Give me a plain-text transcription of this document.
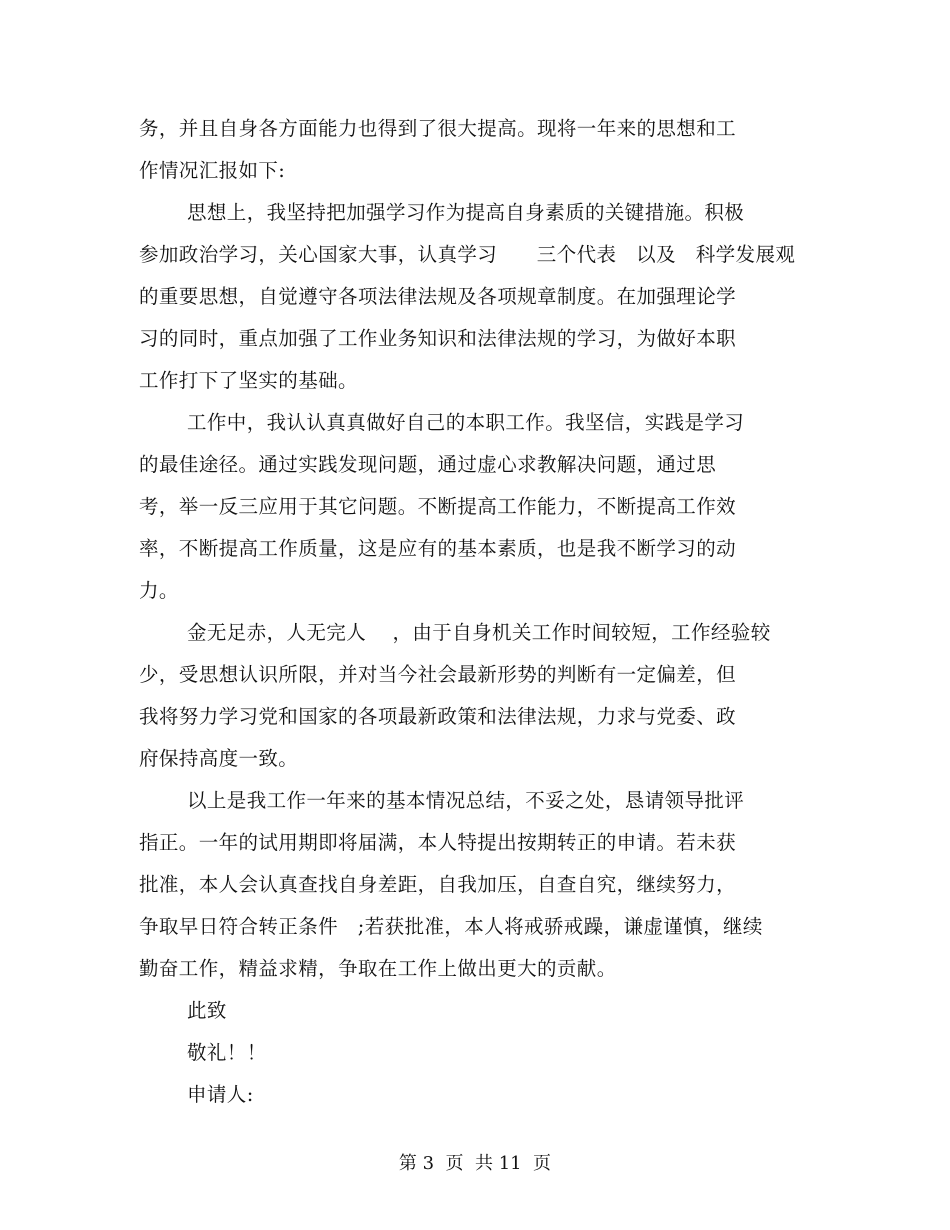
务，并且自身各方面能力也得到了很大提高。现将一年来的思想和工
作情况汇报如下:
思想上，我坚持把加强学习作为提高自身素质的关键措施。积极
参加政治学习，关心国家大事，认真学习      三个代表   以及   科学发展观
的重要思想，自觉遵守各项法律法规及各项规章制度。在加强理论学
习的同时，重点加强了工作业务知识和法律法规的学习，为做好本职
工作打下了坚实的基础。
工作中，我认认真真做好自己的本职工作。我坚信，实践是学习
的最佳途径。通过实践发现问题，通过虚心求教解决问题，通过思
考，举一反三应用于其它问题。不断提高工作能力，不断提高工作效
率，不断提高工作质量，这是应有的基本素质，也是我不断学习的动
力。
金无足赤，人无完人    ，由于自身机关工作时间较短，工作经验较
少，受思想认识所限，并对当今社会最新形势的判断有一定偏差，但
我将努力学习党和国家的各项最新政策和法律法规，力求与党委、政
府保持高度一致。
以上是我工作一年来的基本情况总结，不妥之处，恳请领导批评
指正。一年的试用期即将届满，本人特提出按期转正的申请。若未获
批准，本人会认真查找自身差距，自我加压，自查自究，继续努力，
争取早日符合转正条件   ;若获批准，本人将戒骄戒躁，谦虚谨慎，继续
勤奋工作，精益求精，争取在工作上做出更大的贡献。
此致
敬礼！！
申请人:
第 3  页  共 11  页
